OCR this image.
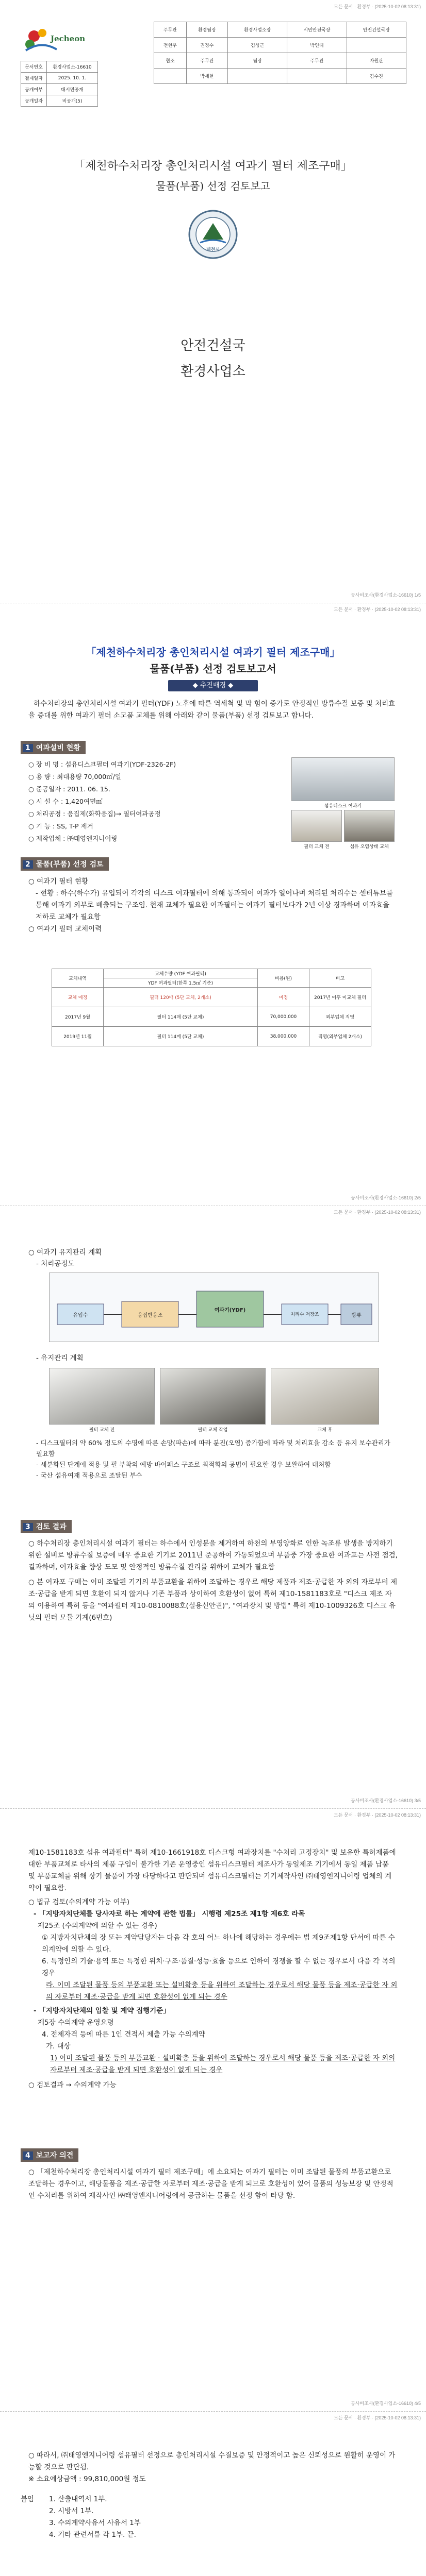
모든 문서 · 환경부 · (2025-10-02 08:13:31)
Jecheon
문서번호	환경사업소-16610
결재일자	2025. 10. 1.
공개여부	대시민공개
공개일자	비공개(5)
주무관	환경팀장	환경사업소장	시민안전국장	안전건설국장
전현우	권정수	김성근	박연대	
협조	주무관	팀장	주무관	자원관
	박세현			김수진
「제천하수처리장 총인처리시설 여과기 필터 제조구매」
물품(부품) 선정 검토보고
제천시
안전건설국
환경사업소
공사비조사(환경사업소-16610) 1/5
모든 문서 · 환경부 · (2025-10-02 08:13:31)
「제천하수처리장 총인처리시설 여과기 필터 제조구매」
물품(부품) 선정 검토보고서
◆ 추진배경 ◆
하수처리장의 총인처리시설 여과기 필터(YDF) 노후에 따른 역세척 및 막 힘이 증가로 안정적인 방류수질 보증 및 처리효율 증대를 위한 여과기 필터 소모품 교체를 위해 아래와 같이 물품(부품) 선정 검토보고 합니다.
1 여과설비 현황
○ 장 비 명 : 섬유디스크필터 여과기(YDF-2326-2F)
○ 용 량 : 최대용량 70,000㎥/일
○ 준공일자 : 2011. 06. 15.
○ 시 설 수 : 1,420여면㎡
○ 처리공정 : 응집제(화학응집)→ 필터여과공정
○ 기 능 : SS, T-P 제거
○ 제작업체 : ㈜태영엔지니어링
섬유디스크 여과기
필터 교체 전	섬유 오염상태 교체
2 물품(부품) 선정 검토
○ 여과기 필터 현황
- 현황 : 하수(하수가) 유입되어 각각의 디스크 여과필터에 의해 통과되어 여과가 일어나며 처리된 처리수는 센터튜브를 통해 여과기 외부로 배출되는 구조임. 현재 교체가 필요한 여과필터는 여과기 필터보다가 2년 이상 경과하며 여과효율 저하로 교체가 필요함
○ 여과기 필터 교체이력
교체내역	교체수량 (YDF 여과필터)	비용(원)	비고
	YDF 여과필터(한쪽 1.5㎡ 기준)		
교체 예정	필터 120매 (5단 교체, 2개소)	미정	2017년 이후 미교체 필터
2017년 9월	필터 114매 (5단 교체)	70,000,000	외부업체 직영
2019년 11월	필터 114매 (5단 교체)	38,000,000	직영(외부업체 2개소)
공사비조사(환경사업소-16610) 2/5
모든 문서 · 환경부 · (2025-10-02 08:13:31)
○ 여과기 유지관리 계획
- 처리공정도
유입수	응집반응조
여과기(YDF)
처리수 저장조	방류
- 유지관리 계획
필터 교체 전	필터 교체 작업	교체 후
- 디스크필터의 약 60% 정도의 수명에 따른 손망(파손)에 따라 분진(오염) 증가함에 따라 및 처리효율 감소 등 유지 보수관리가 필요함
- 세분화된 단계에 적용 및 필 부착의 예방 바이패스 구조로 최적화의 공법이 필요한 경우 보완하여 대처함
- 국산 섬유여재 적용으로 조달된 부수
3 검토 결과
○ 하수처리장 총인처리시설 여과기 필터는 하수에서 인성분을 제거하여 하천의 부영양화로 인한 녹조류 발생을 방지하기 위한 설비로 방류수질 보증에 매우 중요한 기기로 2011년 준공하여 가동되었으며 부품중 가장 중요한 여과포는 사전 점검, 결과하며, 여과효율 향상 도모 및 안정적인 방류수질 관리를 위하여 교체가 필요함
○ 본 여과포 구매는 이미 조달된 기기의 부품교환을 위하여 조달하는 경우로 해당 제품과 제조·공급한 자 외의 자로부터 제조·공급을 받게 되면 호환이 되지 않거나 기존 부품과 상이하여 호환성이 없어 특허 제10-1581183호로 "디스크 제조 자의 이용하여 특허 등을 "여과필터 제10-0810088호(실용신안권)", "여과장치 및 방법" 특허 제10-1009326호 디스크 유닛의 필터 모듈 기계(6번호)
공사비조사(환경사업소-16610) 3/5
모든 문서 · 환경부 · (2025-10-02 08:13:31)
제10-1581183호 섬유 여과필터" 특허 제10-1661918호 디스크형 여과장치를 "수처리 고정장치" 및 보유한 특허제품에 대한 부품교체로 타사의 제품 구입이 불가한 기존 운영중인 섬유디스크필터 제조사가 동일제조 기기에서 동일 제품 납품 및 부품교체를 위해 상기 물품이 가장 타당하다고 판단되며 섬유디스크필터는 기기제작사인 ㈜태영엔지니어링 업체의 계약이 필요함.
○ 법규 검토(수의계약 가능 여부)
- 「지방자치단체를 당사자로 하는 계약에 관한 법률」 시행령 제25조 제1항 제6호 라목
제25조 (수의계약에 의할 수 있는 경우)
① 지방자치단체의 장 또는 계약담당자는 다음 각 호의 어느 하나에 해당하는 경우에는 법 제9조제1항 단서에 따른 수의계약에 의할 수 있다.
6. 특정인의 기술·용역 또는 특정한 위치·구조·품질·성능·효율 등으로 인하여 경쟁을 할 수 없는 경우로서 다음 각 목의 경우
라. 이미 조달된 물품 등의 부품교환 또는 설비확충 등을 위하여 조달하는 경우로서 해당 물품 등을 제조·공급한 자 외의 자로부터 제조·공급을 받게 되면 호환성이 없게 되는 경우
- 「지방자치단체의 입찰 및 계약 집행기준」
제5장 수의계약 운영요령
4. 전제자격 등에 따른 1인 견적서 제출 가능 수의계약
가. 대상
1) 이미 조달된 물품 등의 부품교환 · 설비확충 등을 위하여 조달하는 경우로서 해당 물품 등을 제조·공급한 자 외의 자로부터 제조·공급을 받게 되면 호환성이 없게 되는 경우
○ 검토결과 → 수의계약 가능
4 보고자 의견
○ 「제천하수처리장 총인처리시설 여과기 필터 제조구매」에 소요되는 여과기 필터는 이미 조달된 물품의 부품교환으로 조달하는 경우이고, 해당물품을 제조·공급한 자로부터 제조·공급을 받게 되므로 호환성이 있어 물품의 성능보장 및 안정적인 수처리를 위하여 제작사인 ㈜태영엔지니어링에서 공급하는 물품을 선정 함이 타당 함.
공사비조사(환경사업소-16610) 4/5
모든 문서 · 환경부 · (2025-10-02 08:13:31)
○ 따라서, ㈜태영엔지니어링 섬유필터 선정으로 총인처리시설 수질보증 및 안정적이고 높은 신뢰성으로 원활히 운영이 가능할 것으로 판단됨.
※ 소요예상금액 : 99,810,000원 정도
붙임 1. 산출내역서 1부.
2. 시방서 1부.
3. 수의계약사유서 사유서 1부
4. 기타 관련서류 각 1부. 끝.
